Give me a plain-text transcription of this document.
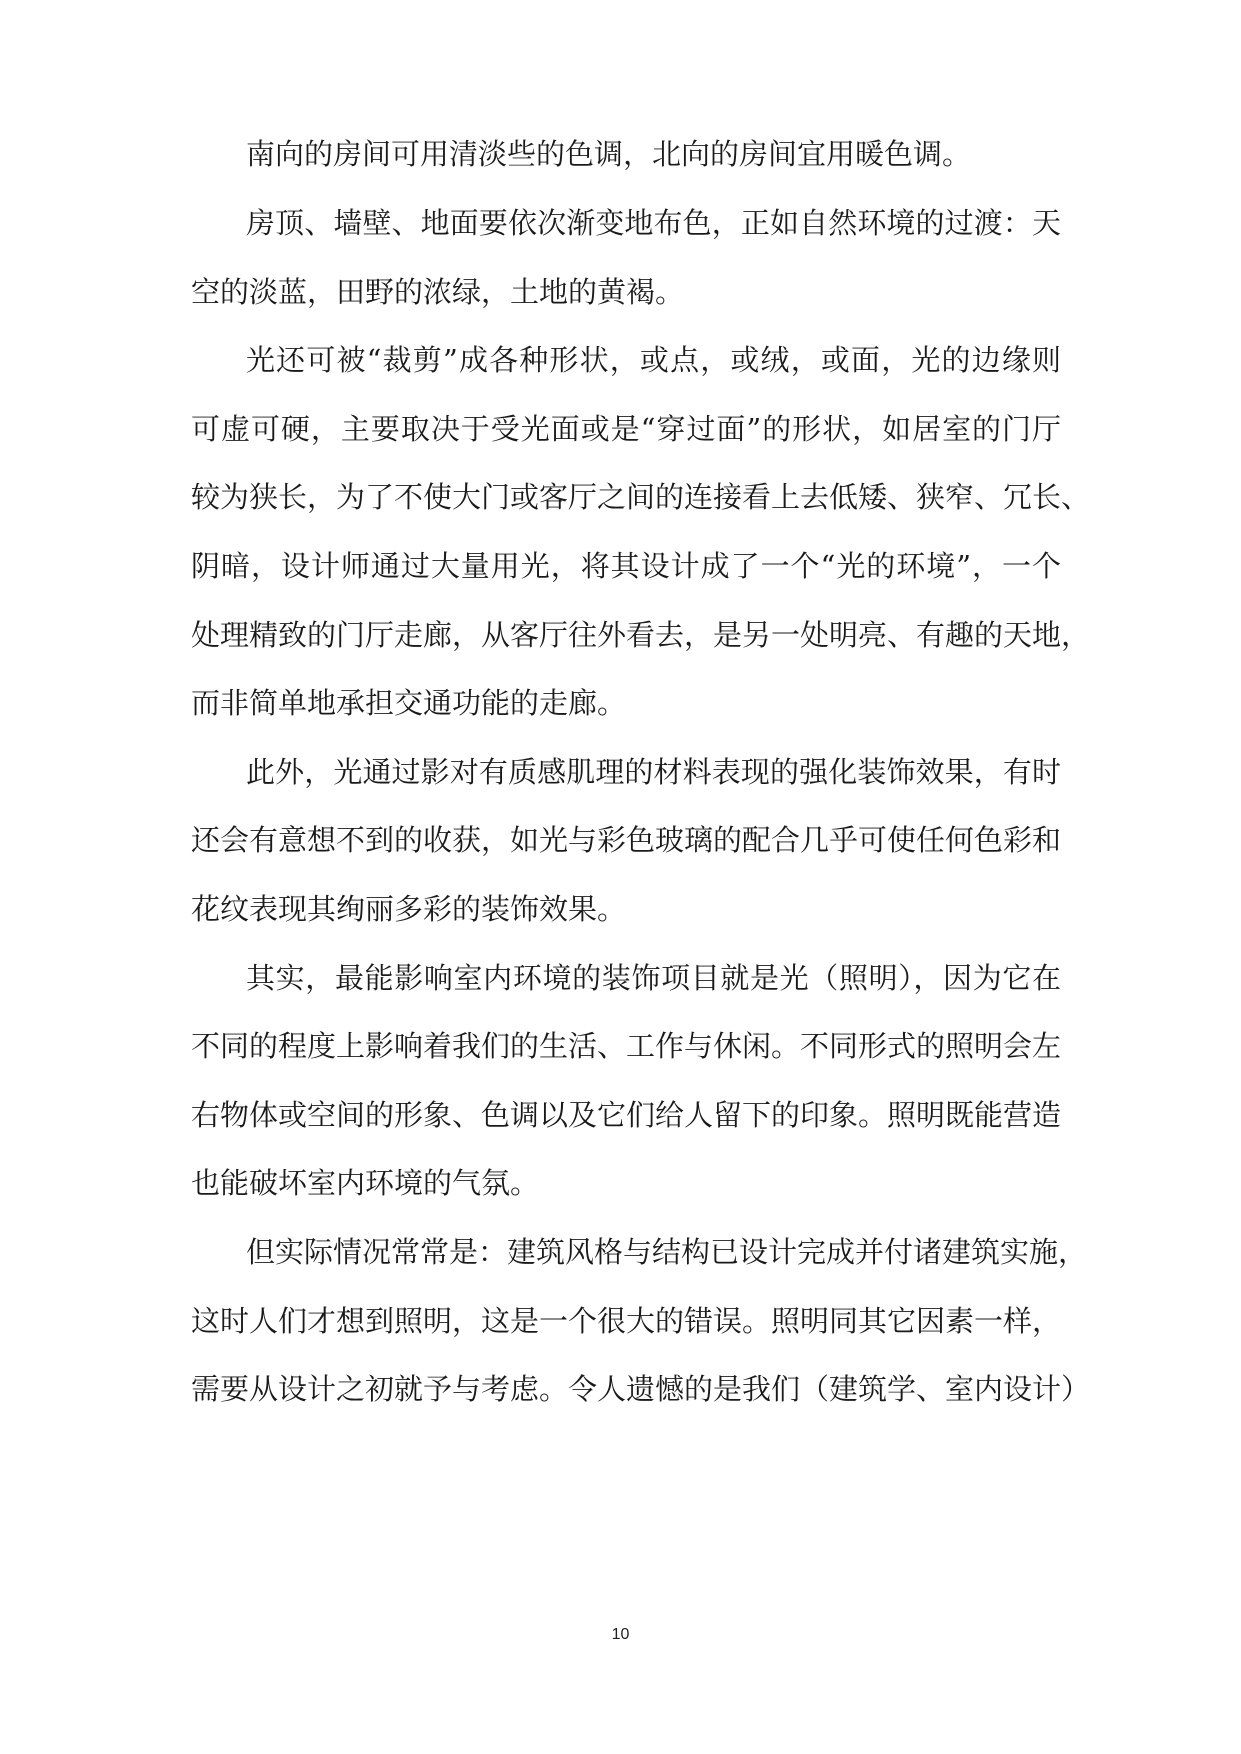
南向的房间可用清淡些的色调，北向的房间宜用暖色调。
房顶、墙壁、地面要依次渐变地布色，正如自然环境的过渡：天
空的淡蓝，田野的浓绿，土地的黄褐。
光还可被“裁剪”成各种形状，或点，或绒，或面，光的边缘则
可虚可硬，主要取决于受光面或是“穿过面”的形状，如居室的门厅
较为狭长，为了不使大门或客厅之间的连接看上去低矮、狭窄、冗长、
阴暗，设计师通过大量用光，将其设计成了一个“光的环境”，一个
处理精致的门厅走廊，从客厅往外看去，是另一处明亮、有趣的天地，
而非简单地承担交通功能的走廊。
此外，光通过影对有质感肌理的材料表现的强化装饰效果，有时
还会有意想不到的收获，如光与彩色玻璃的配合几乎可使任何色彩和
花纹表现其绚丽多彩的装饰效果。
其实，最能影响室内环境的装饰项目就是光（照明），因为它在
不同的程度上影响着我们的生活、工作与休闲。不同形式的照明会左
右物体或空间的形象、色调以及它们给人留下的印象。照明既能营造
也能破坏室内环境的气氛。
但实际情况常常是：建筑风格与结构已设计完成并付诸建筑实施，
这时人们才想到照明，这是一个很大的错误。照明同其它因素一样，
需要从设计之初就予与考虑。令人遗憾的是我们（建筑学、室内设计）
10
